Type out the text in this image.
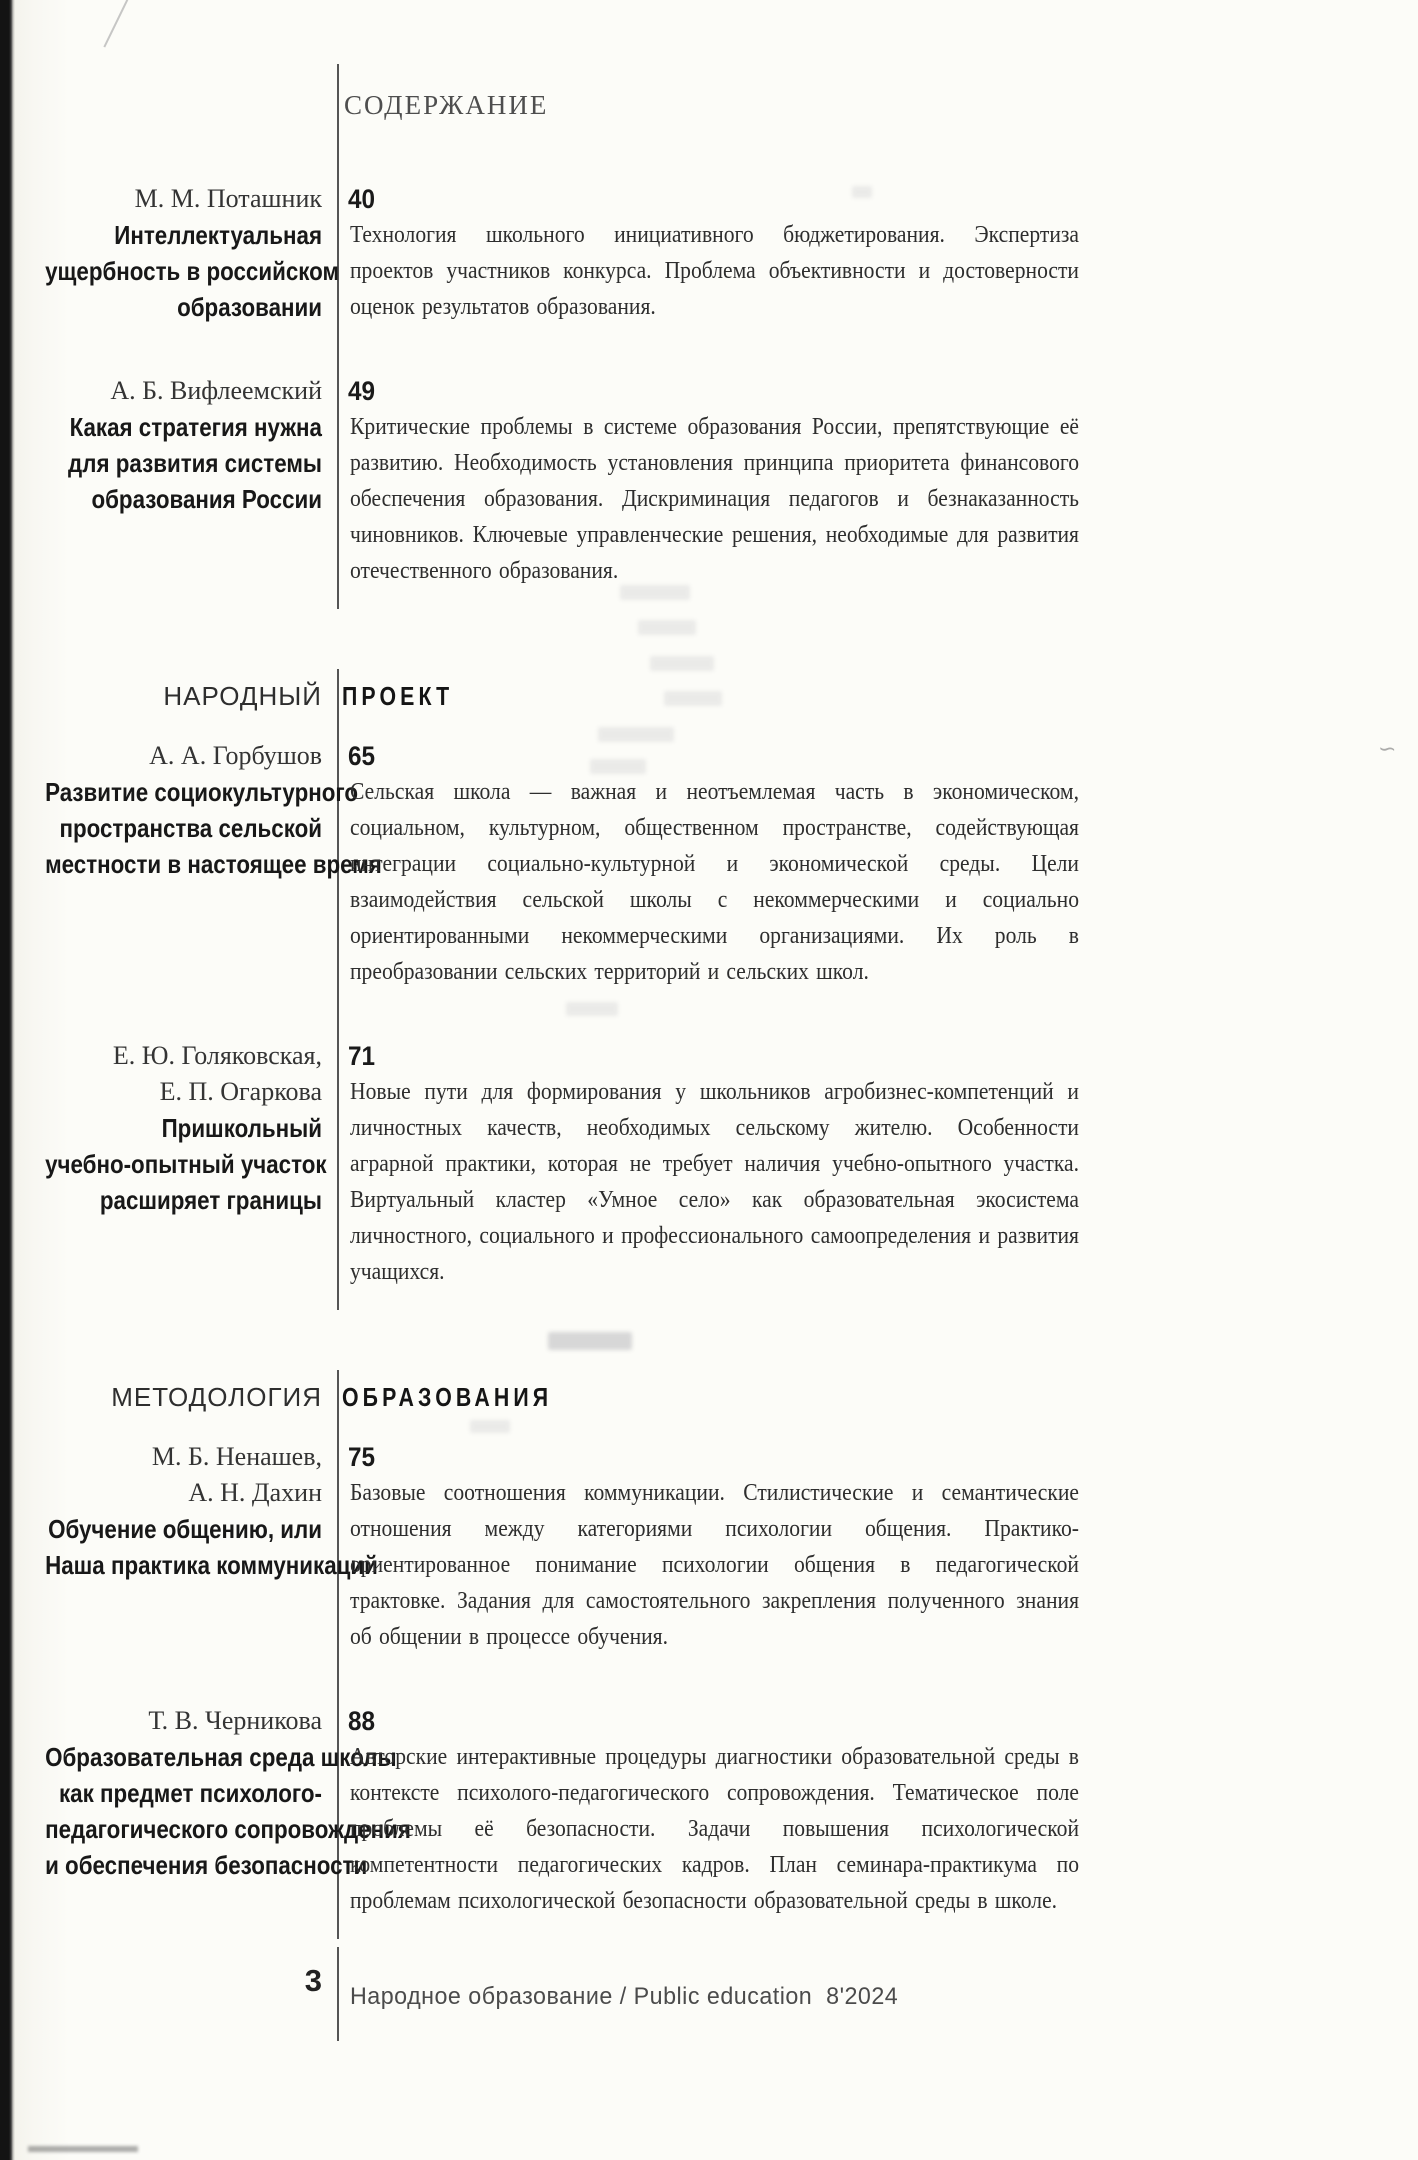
∽
СОДЕРЖАНИЕ
М. М. Поташник
Интеллектуальная
ущербность в российском
образовании
40
Технология школьного инициативного бюджетирования. Экспертиза проектов участников конкурса. Проблема объективности и достоверности оценок результатов образования.
А. Б. Вифлеемский
Какая стратегия нужна
для развития системы
образования России
49
Критические проблемы в системе образования России, препятствующие её развитию. Необходимость установления принципа приоритета финансового обеспечения образования. Дискриминация педагогов и безнаказанность чиновников. Ключевые управленческие решения, необходимые для развития отечественного образования.
НАРОДНЫЙ ПРОЕКТ
А. А. Горбушов
Развитие социокультурного
пространства сельской
местности в настоящее время
65
Сельская школа — важная и неотъемлемая часть в экономическом, социальном, культурном, общественном пространстве, содействующая интеграции социально-культурной и экономической среды. Цели взаимодействия сельской школы с некоммерческими и социально ориентированными некоммерческими организациями. Их роль в преобразовании сельских территорий и сельских школ.
Е. Ю. Голяковская,
Е. П. Огаркова
Пришкольный
учебно-опытный участок
расширяет границы
71
Новые пути для формирования у школьников агробизнес-компетенций и личностных качеств, необходимых сельскому жителю. Особенности аграрной практики, которая не требует наличия учебно-опытного участка. Виртуальный кластер «Умное село» как образовательная экосистема личностного, социального и профессионального самоопределения и развития учащихся.
МЕТОДОЛОГИЯ ОБРАЗОВАНИЯ
М. Б. Ненашев,
А. Н. Дахин
Обучение общению, или
Наша практика коммуникаций
75
Базовые соотношения коммуникации. Стилистические и семантические отношения между категориями психологии общения. Практико-ориентированное понимание психологии общения в педагогической трактовке. Задания для самостоятельного закрепления полученного знания об общении в процессе обучения.
Т. В. Черникова
Образовательная среда школы
как предмет психолого-
педагогического сопровождения
и обеспечения безопасности
88
Авторские интерактивные процедуры диагностики образовательной среды в контексте психолого-педагогического сопровождения. Тематическое поле проблемы её безопасности. Задачи повышения психологической компетентности педагогических кадров. План семинара-практикума по проблемам психологической безопасности образовательной среды в школе.
3	Народное образование / Public education  8'2024
